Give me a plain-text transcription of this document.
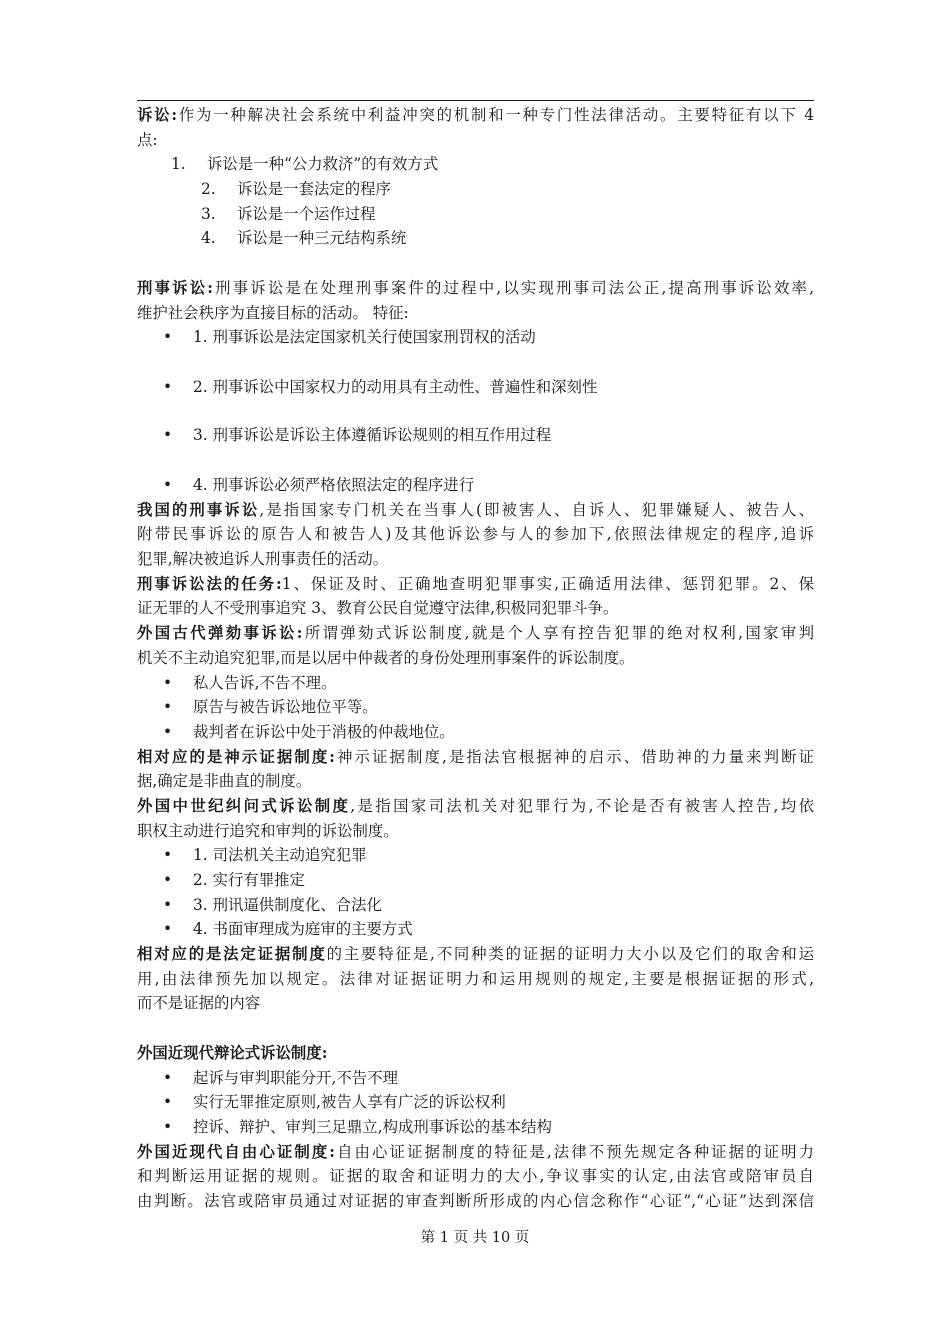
诉讼:作为一种解决社会系统中利益冲突的机制和一种专门性法律活动。主要特征有以下 4
点:
1. 诉讼是一种“公力救济”的有效方式
2. 诉讼是一套法定的程序
3. 诉讼是一个运作过程
4. 诉讼是一种三元结构系统
刑事诉讼:刑事诉讼是在处理刑事案件的过程中,以实现刑事司法公正,提高刑事诉讼效率,
维护社会秩序为直接目标的活动。 特征:
• 1. 刑事诉讼是法定国家机关行使国家刑罚权的活动
• 2. 刑事诉讼中国家权力的动用具有主动性、普遍性和深刻性
• 3. 刑事诉讼是诉讼主体遵循诉讼规则的相互作用过程
• 4. 刑事诉讼必须严格依照法定的程序进行
我国的刑事诉讼,是指国家专门机关在当事人(即被害人、自诉人、犯罪嫌疑人、被告人、
附带民事诉讼的原告人和被告人)及其他诉讼参与人的参加下,依照法律规定的程序,追诉
犯罪,解决被追诉人刑事责任的活动。
刑事诉讼法的任务:1、保证及时、正确地查明犯罪事实,正确适用法律、惩罚犯罪。2、保
证无罪的人不受刑事追究 3、教育公民自觉遵守法律,积极同犯罪斗争。
外国古代弹劾事诉讼:所谓弹劾式诉讼制度,就是个人享有控告犯罪的绝对权利,国家审判
机关不主动追究犯罪,而是以居中仲裁者的身份处理刑事案件的诉讼制度。
• 私人告诉,不告不理。
• 原告与被告诉讼地位平等。
• 裁判者在诉讼中处于消极的仲裁地位。
相对应的是神示证据制度:神示证据制度,是指法官根据神的启示、借助神的力量来判断证
据,确定是非曲直的制度。
外国中世纪纠问式诉讼制度,是指国家司法机关对犯罪行为,不论是否有被害人控告,均依
职权主动进行追究和审判的诉讼制度。
• 1. 司法机关主动追究犯罪
• 2. 实行有罪推定
• 3. 刑讯逼供制度化、合法化
• 4. 书面审理成为庭审的主要方式
相对应的是法定证据制度的主要特征是,不同种类的证据的证明力大小以及它们的取舍和运
用,由法律预先加以规定。法律对证据证明力和运用规则的规定,主要是根据证据的形式,
而不是证据的内容
外国近现代辩论式诉讼制度:
• 起诉与审判职能分开,不告不理
• 实行无罪推定原则,被告人享有广泛的诉讼权利
• 控诉、辩护、审判三足鼎立,构成刑事诉讼的基本结构
外国近现代自由心证制度:自由心证证据制度的特征是,法律不预先规定各种证据的证明力
和判断运用证据的规则。证据的取舍和证明力的大小,争议事实的认定,由法官或陪审员自
由判断。法官或陪审员通过对证据的审查判断所形成的内心信念称作“心证”,“心证”达到深信
第 1 页 共 10 页
